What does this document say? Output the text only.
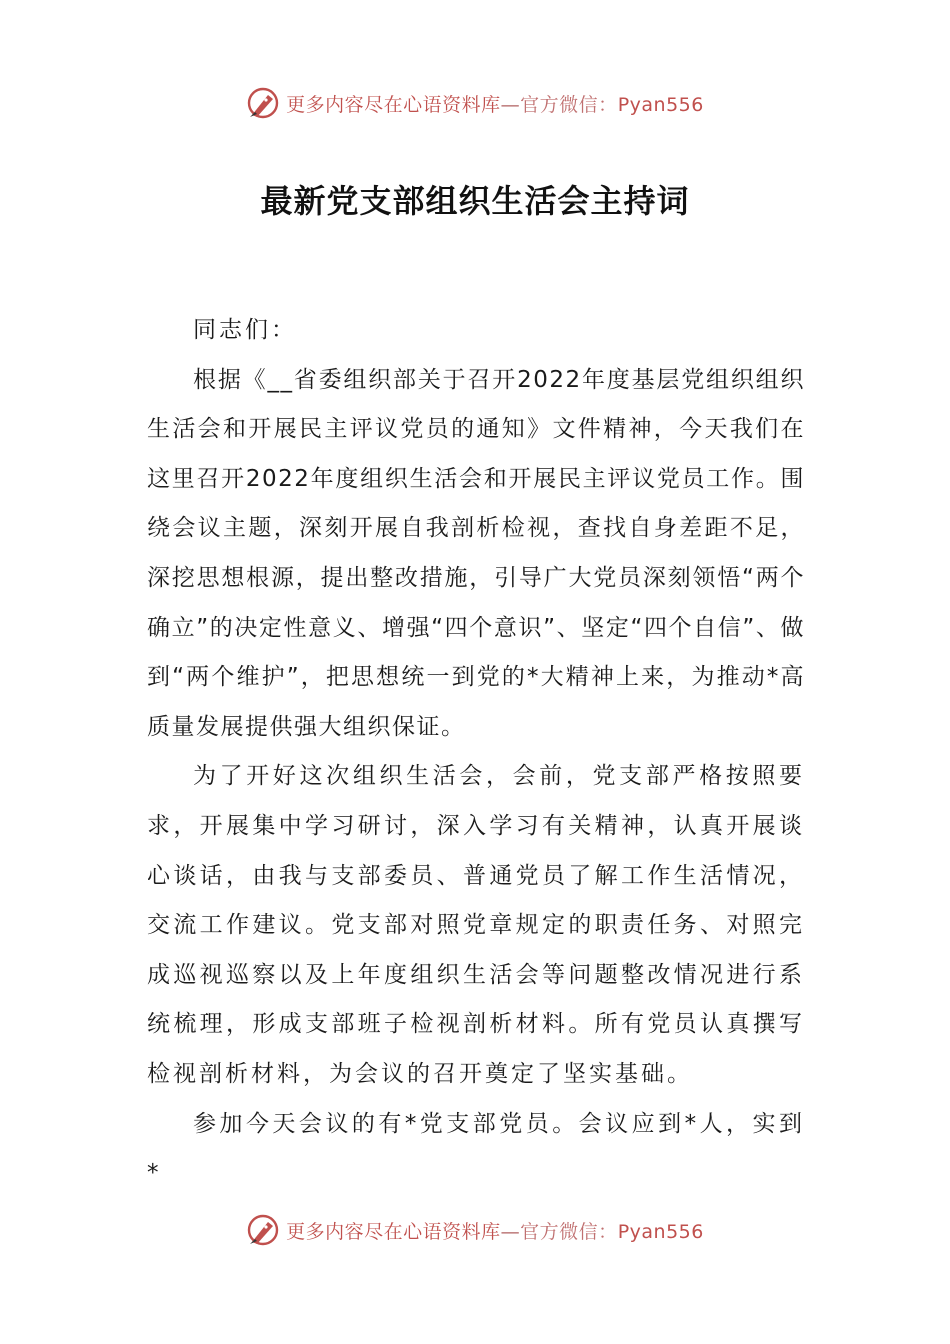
更多内容尽在心语资料库—官方微信：Pyan556
最新党支部组织生活会主持词

同志们：

根据《__省委组织部关于召开2022年度基层党组织组织生活会和开展民主评议党员的通知》文件精神，今天我们在这里召开2022年度组织生活会和开展民主评议党员工作。围绕会议主题，深刻开展自我剖析检视，查找自身差距不足，深挖思想根源，提出整改措施，引导广大党员深刻领悟“两个确立”的决定性意义、增强“四个意识”、坚定“四个自信”、做到“两个维护”，把思想统一到党的*大精神上来，为推动*高质量发展提供强大组织保证。

为了开好这次组织生活会，会前，党支部严格按照要求，开展集中学习研讨，深入学习有关精神，认真开展谈心谈话，由我与支部委员、普通党员了解工作生活情况，交流工作建议。党支部对照党章规定的职责任务、对照完成巡视巡察以及上年度组织生活会等问题整改情况进行系统梳理，形成支部班子检视剖析材料。所有党员认真撰写检视剖析材料，为会议的召开奠定了坚实基础。

参加今天会议的有*党支部党员。会议应到*人，实到*

更多内容尽在心语资料库—官方微信：Pyan556
